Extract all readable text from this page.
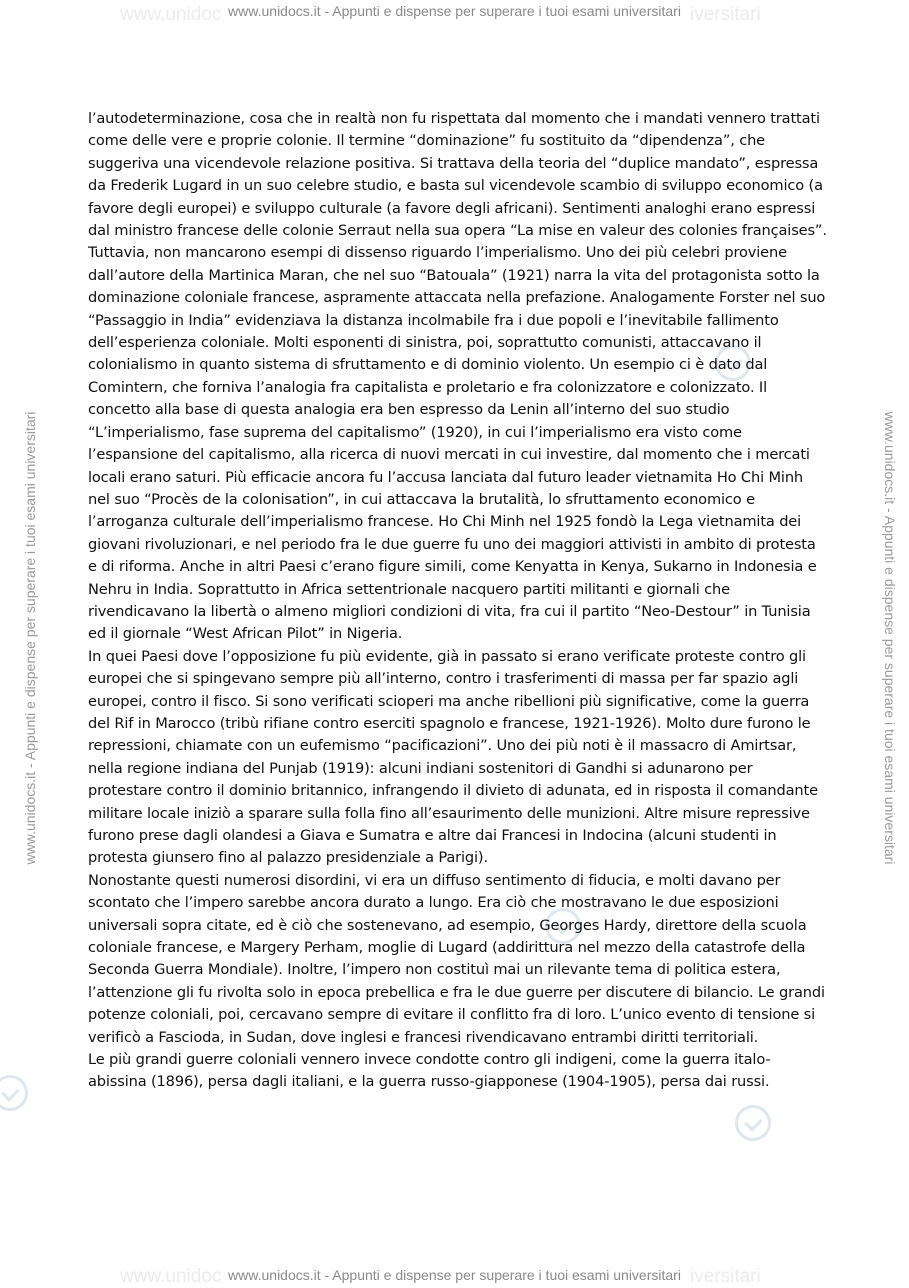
www.unidoc	iversitari
www.unidoc	iversitari
www.unidocs.it - Appunti e dispense per superare i tuoi esami universitari
www.unidocs.it - Appunti e dispense per superare i tuoi esami universitari
www.unidocs.it - Appunti e dispense per superare i tuoi esami universitari	www.unidocs.it - Appunti e dispense per superare i tuoi esami universitari

l’autodeterminazione, cosa che in realtà non fu rispettata dal momento che i mandati vennero trattati come delle vere e proprie colonie. Il termine “dominazione” fu sostituito da “dipendenza”, che suggeriva una vicendevole relazione positiva. Si trattava della teoria del “duplice mandato”, espressa da Frederik Lugard in un suo celebre studio, e basta sul vicendevole scambio di sviluppo economico (a favore degli europei) e sviluppo culturale (a favore degli africani). Sentimenti analoghi erano espressi dal ministro francese delle colonie Serraut nella sua opera “La mise en valeur des colonies françaises”.

Tuttavia, non mancarono esempi di dissenso riguardo l’imperialismo. Uno dei più celebri proviene dall’autore della Martinica Maran, che nel suo “Batouala” (1921) narra la vita del protagonista sotto la dominazione coloniale francese, aspramente attaccata nella prefazione. Analogamente Forster nel suo “Passaggio in India” evidenziava la distanza incolmabile fra i due popoli e l’inevitabile fallimento dell’esperienza coloniale. Molti esponenti di sinistra, poi, soprattutto comunisti, attaccavano il colonialismo in quanto sistema di sfruttamento e di dominio violento. Un esempio ci è dato dal Comintern, che forniva l’analogia fra capitalista e proletario e fra colonizzatore e colonizzato. Il concetto alla base di questa analogia era ben espresso da Lenin all’interno del suo studio “L’imperialismo, fase suprema del capitalismo” (1920), in cui l’imperialismo era visto come l’espansione del capitalismo, alla ricerca di nuovi mercati in cui investire, dal momento che i mercati locali erano saturi. Più efficacie ancora fu l’accusa lanciata dal futuro leader vietnamita Ho Chi Minh nel suo “Procès de la colonisation”, in cui attaccava la brutalità, lo sfruttamento economico e l’arroganza culturale dell’imperialismo francese. Ho Chi Minh nel 1925 fondò la Lega vietnamita dei giovani rivoluzionari, e nel periodo fra le due guerre fu uno dei maggiori attivisti in ambito di protesta e di riforma. Anche in altri Paesi c’erano figure simili, come Kenyatta in Kenya, Sukarno in Indonesia e Nehru in India. Soprattutto in Africa settentrionale nacquero partiti militanti e giornali che rivendicavano la libertà o almeno migliori condizioni di vita, fra cui il partito “Neo-Destour” in Tunisia ed il giornale “West African Pilot” in Nigeria.

In quei Paesi dove l’opposizione fu più evidente, già in passato si erano verificate proteste contro gli europei che si spingevano sempre più all’interno, contro i trasferimenti di massa per far spazio agli europei, contro il fisco. Si sono verificati scioperi ma anche ribellioni più significative, come la guerra del Rif in Marocco (tribù rifiane contro eserciti spagnolo e francese, 1921-1926). Molto dure furono le repressioni, chiamate con un eufemismo “pacificazioni”. Uno dei più noti è il massacro di Amirtsar, nella regione indiana del Punjab (1919): alcuni indiani sostenitori di Gandhi si adunarono per protestare contro il dominio britannico, infrangendo il divieto di adunata, ed in risposta il comandante militare locale iniziò a sparare sulla folla fino all’esaurimento delle munizioni. Altre misure repressive furono prese dagli olandesi a Giava e Sumatra e altre dai Francesi in Indocina (alcuni studenti in protesta giunsero fino al palazzo presidenziale a Parigi).

Nonostante questi numerosi disordini, vi era un diffuso sentimento di fiducia, e molti davano per scontato che l’impero sarebbe ancora durato a lungo. Era ciò che mostravano le due esposizioni universali sopra citate, ed è ciò che sostenevano, ad esempio, Georges Hardy, direttore della scuola coloniale francese, e Margery Perham, moglie di Lugard (addirittura nel mezzo della catastrofe della Seconda Guerra Mondiale). Inoltre, l’impero non costituì mai un rilevante tema di politica estera, l’attenzione gli fu rivolta solo in epoca prebellica e fra le due guerre per discutere di bilancio. Le grandi potenze coloniali, poi, cercavano sempre di evitare il conflitto fra di loro. L’unico evento di tensione si verificò a Fascioda, in Sudan, dove inglesi e francesi rivendicavano entrambi diritti territoriali.

Le più grandi guerre coloniali vennero invece condotte contro gli indigeni, come la guerra italo-abissina (1896), persa dagli italiani, e la guerra russo-giapponese (1904-1905), persa dai russi.
